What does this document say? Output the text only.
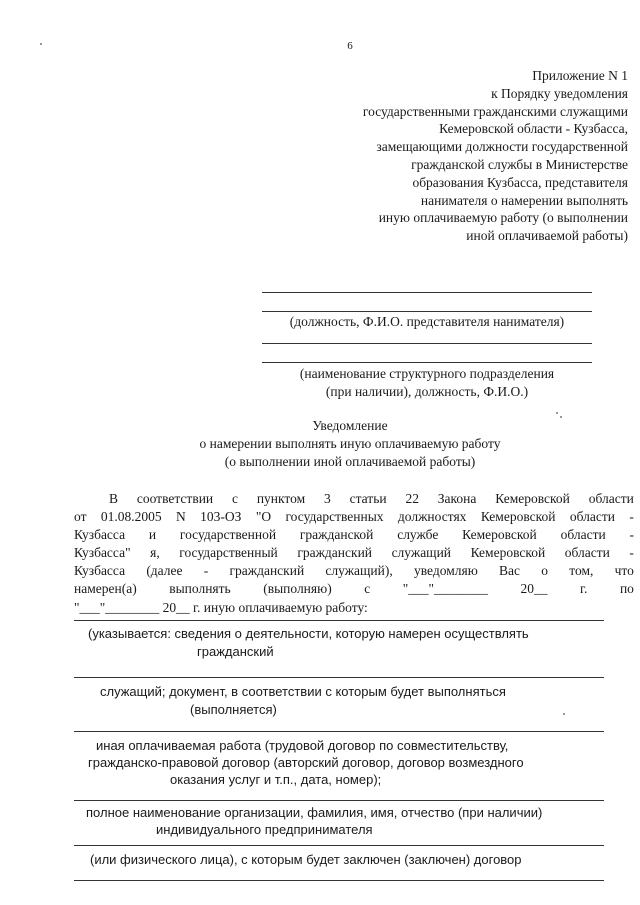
6
Приложение N 1
к Порядку уведомления
государственными гражданскими служащими
Кемеровской области - Кузбасса,
замещающими должности государственной
гражданской службы в Министерстве
образования Кузбасса, представителя
нанимателя о намерении выполнять
иную оплачиваемую работу (о выполнении
иной оплачиваемой работы)
(должность, Ф.И.О. представителя нанимателя)
(наименование структурного подразделения
(при наличии), должность, Ф.И.О.)
Уведомление
о намерении выполнять иную оплачиваемую работу
(о выполнении иной оплачиваемой работы)
В соответствии с пунктом 3 статьи 22 Закона Кемеровской области
от 01.08.2005 N 103-ОЗ "О государственных должностях Кемеровской области -
Кузбасса и государственной гражданской службе Кемеровской области -
Кузбасса" я, государственный гражданский служащий Кемеровской области -
Кузбасса (далее - гражданский служащий), уведомляю Вас о том, что
намерен(а) выполнять (выполняю) с "___"________ 20__ г. по
"___"________ 20__ г. иную оплачиваемую работу:
(указывается: сведения о деятельности, которую намерен осуществлять
гражданский
служащий; документ, в соответствии с которым будет выполняться
(выполняется)
иная оплачиваемая работа (трудовой договор по совместительству,
гражданско-правовой договор (авторский договор, договор возмездного
оказания услуг и т.п., дата, номер);
полное наименование организации, фамилия, имя, отчество (при наличии)
индивидуального предпринимателя
(или физического лица), с которым будет заключен (заключен) договор
